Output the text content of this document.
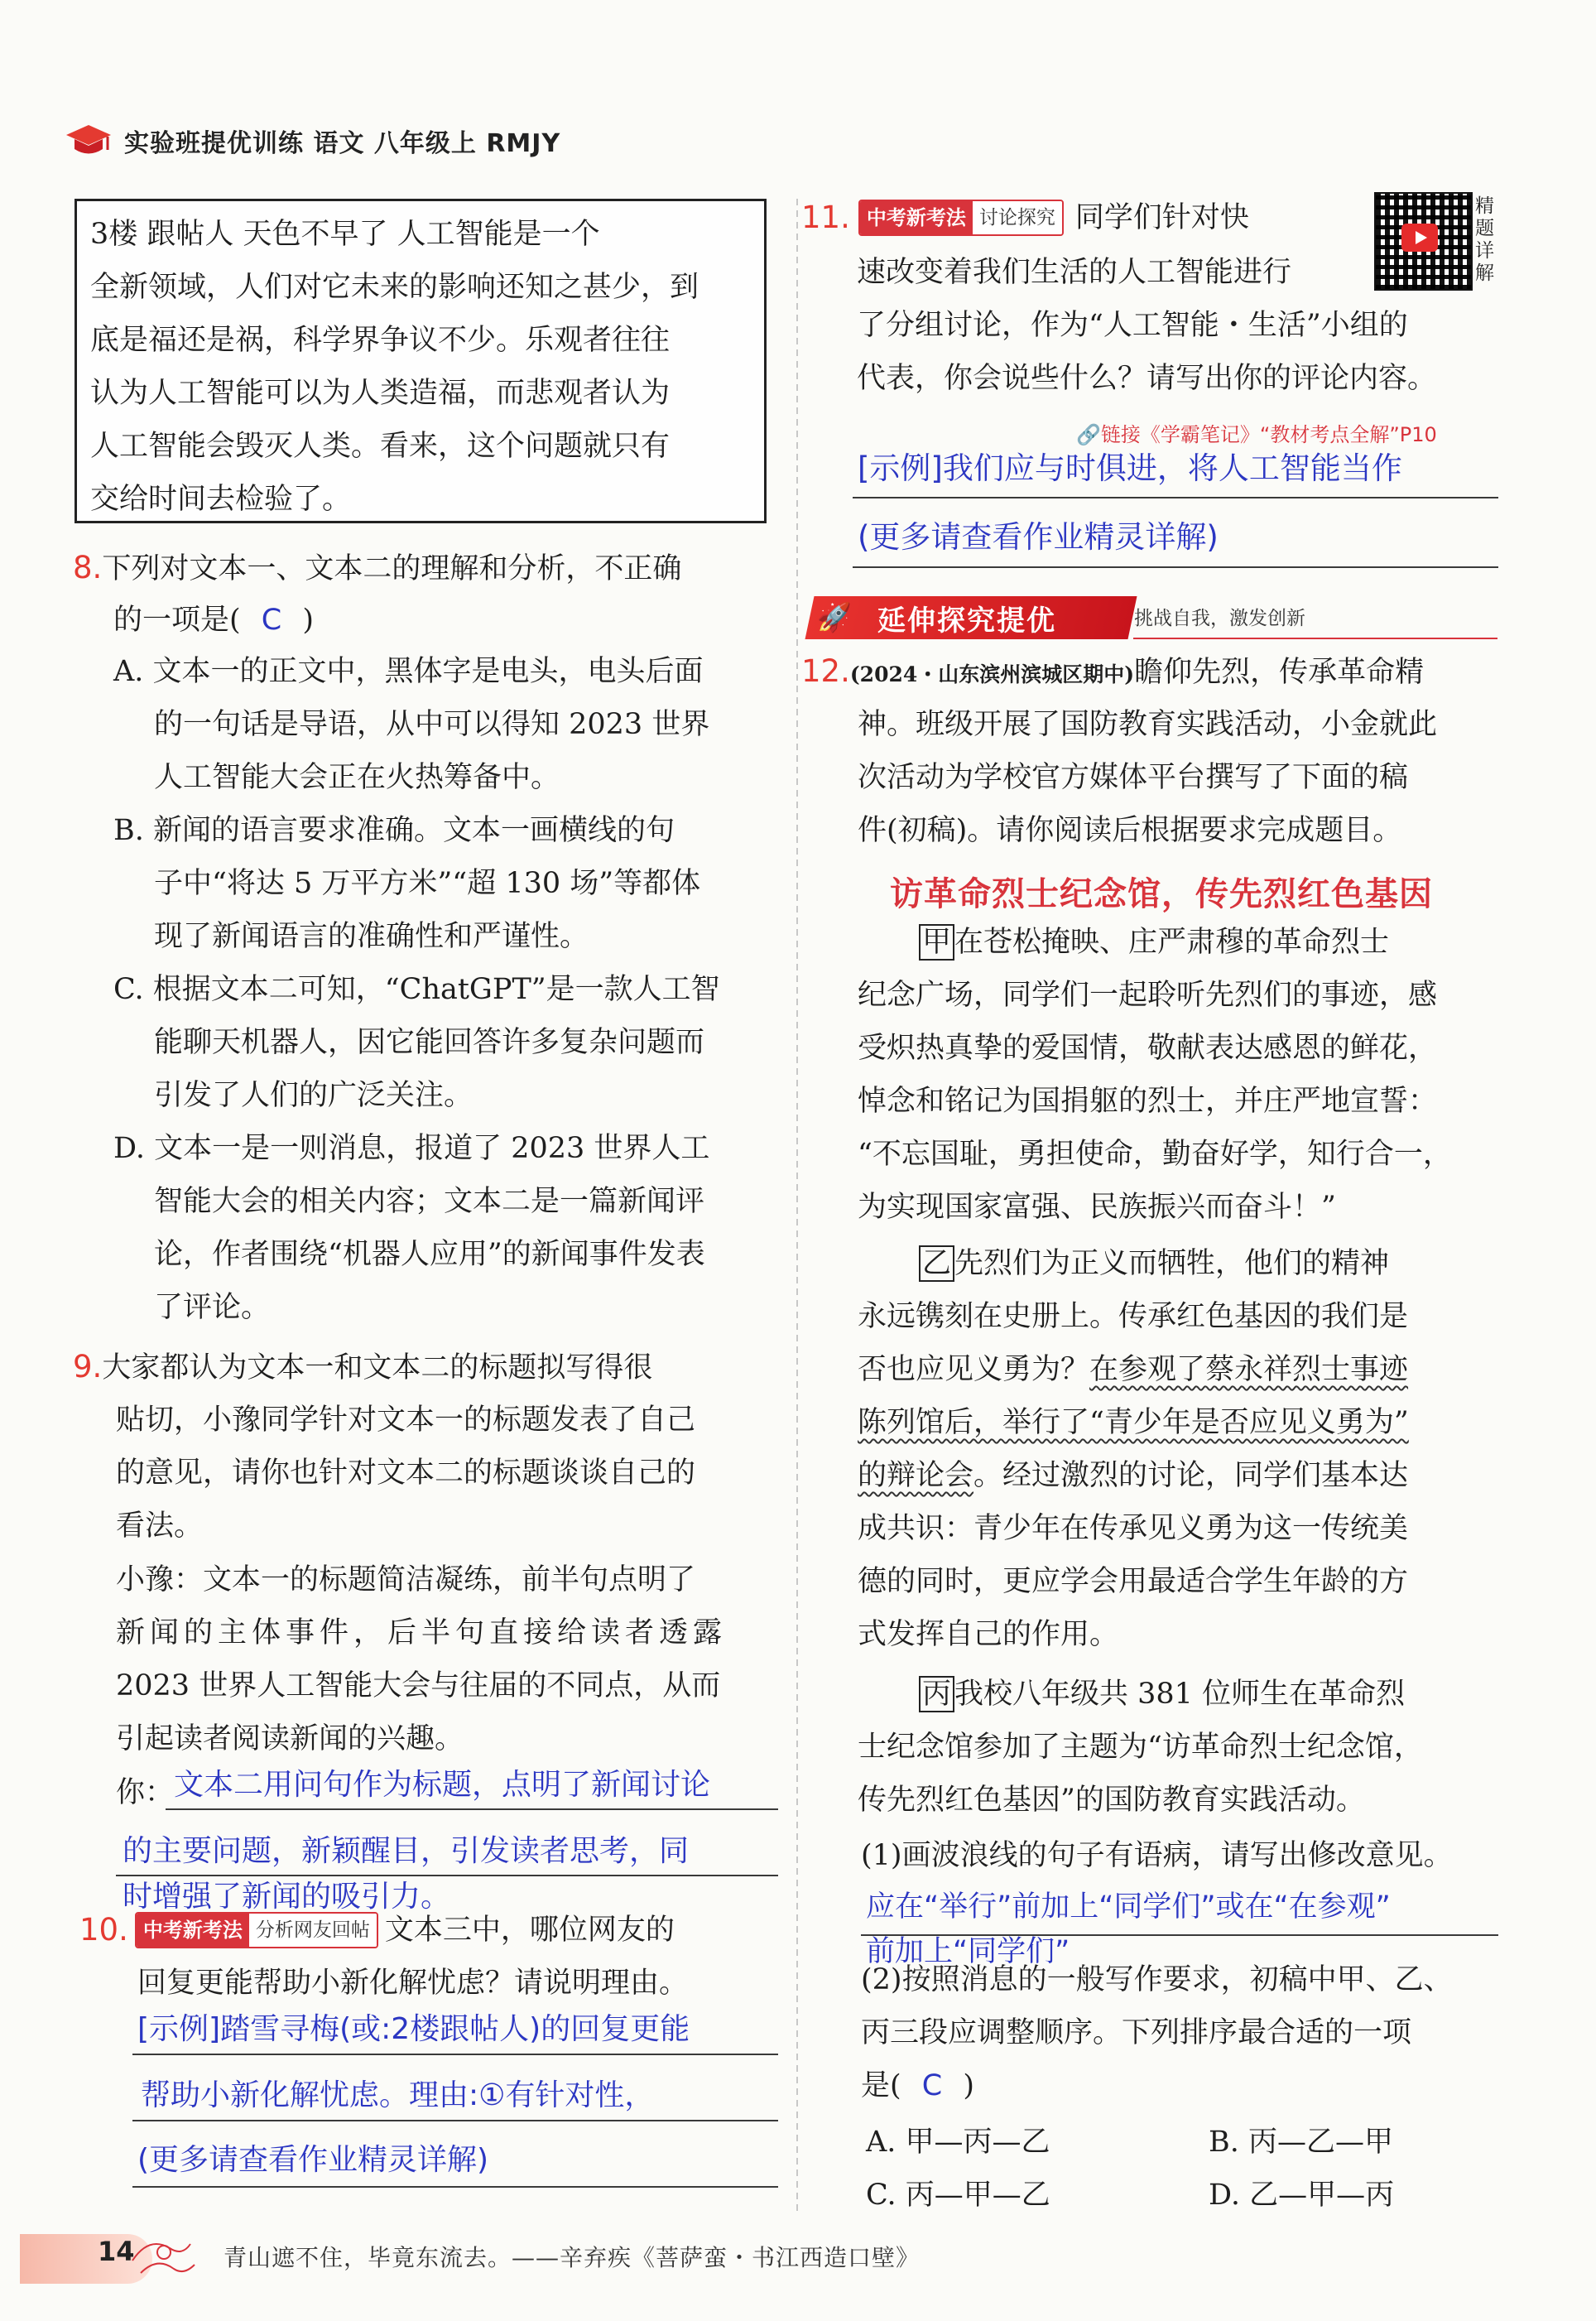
实验班提优训练 语文 八年级上 RMJY
3楼 跟帖人 天色不早了 人工智能是一个
全新领域，人们对它未来的影响还知之甚少，到
底是福还是祸，科学界争议不少。乐观者往往
认为人工智能可以为人类造福，而悲观者认为
人工智能会毁灭人类。看来，这个问题就只有
交给时间去检验了。
8.下列对文本一、文本二的理解和分析，不正确
的一项是( C )
A. 文本一的正文中，黑体字是电头，电头后面
的一句话是导语，从中可以得知 2023 世界
人工智能大会正在火热筹备中。
B. 新闻的语言要求准确。文本一画横线的句
子中“将达 5 万平方米”“超 130 场”等都体
现了新闻语言的准确性和严谨性。
C. 根据文本二可知，“ChatGPT”是一款人工智
能聊天机器人，因它能回答许多复杂问题而
引发了人们的广泛关注。
D. 文本一是一则消息，报道了 2023 世界人工
智能大会的相关内容；文本二是一篇新闻评
论，作者围绕“机器人应用”的新闻事件发表
了评论。
9.大家都认为文本一和文本二的标题拟写得很
贴切，小豫同学针对文本一的标题发表了自己
的意见，请你也针对文本二的标题谈谈自己的
看法。
小豫：文本一的标题简洁凝练，前半句点明了
新闻的主体事件，后半句直接给读者透露
2023 世界人工智能大会与往届的不同点，从而
引起读者阅读新闻的兴趣。
你： 文本二用问句作为标题，点明了新闻讨论
的主要问题，新颖醒目，引发读者思考，同
时增强了新闻的吸引力。
10. 中考新考法 分析网友回帖 文本三中，哪位网友的
回复更能帮助小新化解忧虑？请说明理由。
[示例]踏雪寻梅(或:2楼跟帖人)的回复更能
帮助小新化解忧虑。理由:①有针对性，
(更多请查看作业精灵详解)
11. 中考新考法 讨论探究 同学们针对快	精题详解
速改变着我们生活的人工智能进行
了分组讨论，作为“人工智能・生活”小组的
代表，你会说些什么？请写出你的评论内容。
🔗链接《学霸笔记》“教材考点全解”P10
[示例]我们应与时俱进，将人工智能当作
(更多请查看作业精灵详解)
🚀 延伸探究提优	挑战自我，激发创新
12.(2024・山东滨州滨城区期中)瞻仰先烈，传承革命精
神。班级开展了国防教育实践活动，小金就此
次活动为学校官方媒体平台撰写了下面的稿
件(初稿)。请你阅读后根据要求完成题目。
访革命烈士纪念馆，传先烈红色基因
甲 在苍松掩映、庄严肃穆的革命烈士
纪念广场，同学们一起聆听先烈们的事迹，感
受炽热真挚的爱国情，敬献表达感恩的鲜花，
悼念和铭记为国捐躯的烈士，并庄严地宣誓：
“不忘国耻，勇担使命，勤奋好学，知行合一，
为实现国家富强、民族振兴而奋斗！”
乙 先烈们为正义而牺牲，他们的精神
永远镌刻在史册上。传承红色基因的我们是
否也应见义勇为？在参观了蔡永祥烈士事迹
陈列馆后，举行了“青少年是否应见义勇为”
的辩论会。经过激烈的讨论，同学们基本达
成共识：青少年在传承见义勇为这一传统美
德的同时，更应学会用最适合学生年龄的方
式发挥自己的作用。
丙 我校八年级共 381 位师生在革命烈
士纪念馆参加了主题为“访革命烈士纪念馆，
传先烈红色基因”的国防教育实践活动。
(1)画波浪线的句子有语病，请写出修改意见。
应在“举行”前加上“同学们”或在“在参观”
前加上“同学们”
(2)按照消息的一般写作要求，初稿中甲、乙、
丙三段应调整顺序。下列排序最合适的一项
是( C )
A. 甲—丙—乙	B. 丙—乙—甲
C. 丙—甲—乙	D. 乙—甲—丙
14	青山遮不住，毕竟东流去。——辛弃疾《菩萨蛮・书江西造口壁》
